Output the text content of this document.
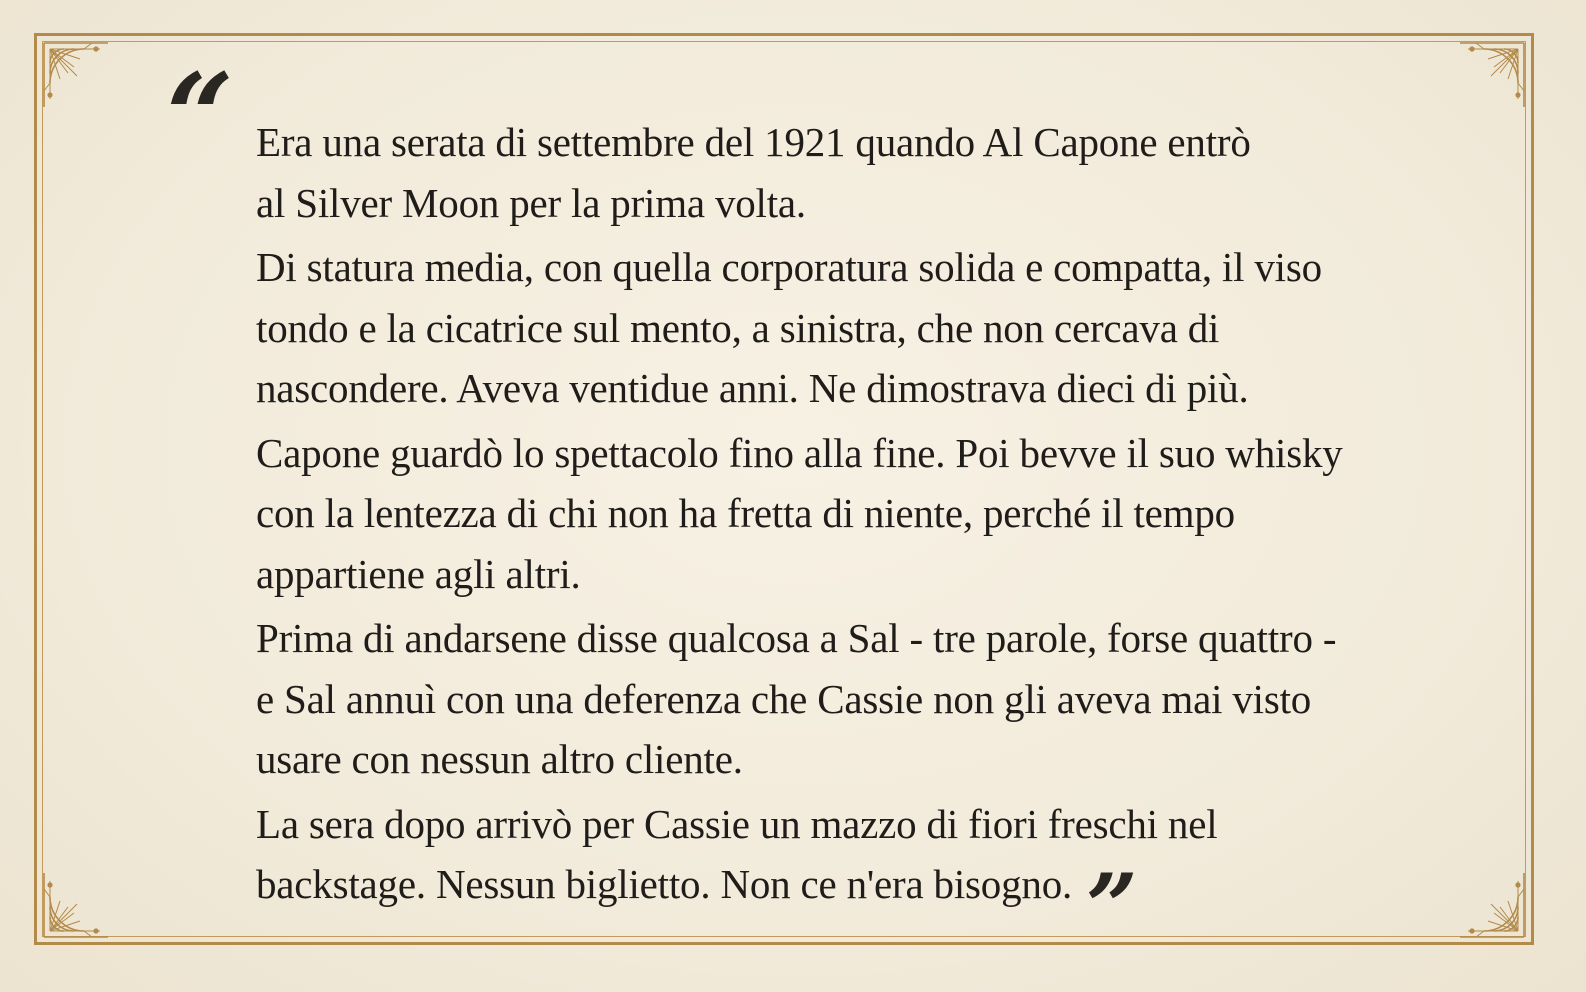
“ Era una serata di settembre del 1921 quando Al Capone entrò
al Silver Moon per la prima volta.

Di statura media, con quella corporatura solida e compatta, il viso
tondo e la cicatrice sul mento, a sinistra, che non cercava di
nascondere. Aveva ventidue anni. Ne dimostrava dieci di più.

Capone guardò lo spettacolo fino alla fine. Poi bevve il suo whisky
con la lentezza di chi non ha fretta di niente, perché il tempo
appartiene agli altri.

Prima di andarsene disse qualcosa a Sal - tre parole, forse quattro -
e Sal annuì con una deferenza che Cassie non gli aveva mai visto
usare con nessun altro cliente.

La sera dopo arrivò per Cassie un mazzo di fiori freschi nel
backstage. Nessun biglietto. Non ce n'era bisogno. ”
